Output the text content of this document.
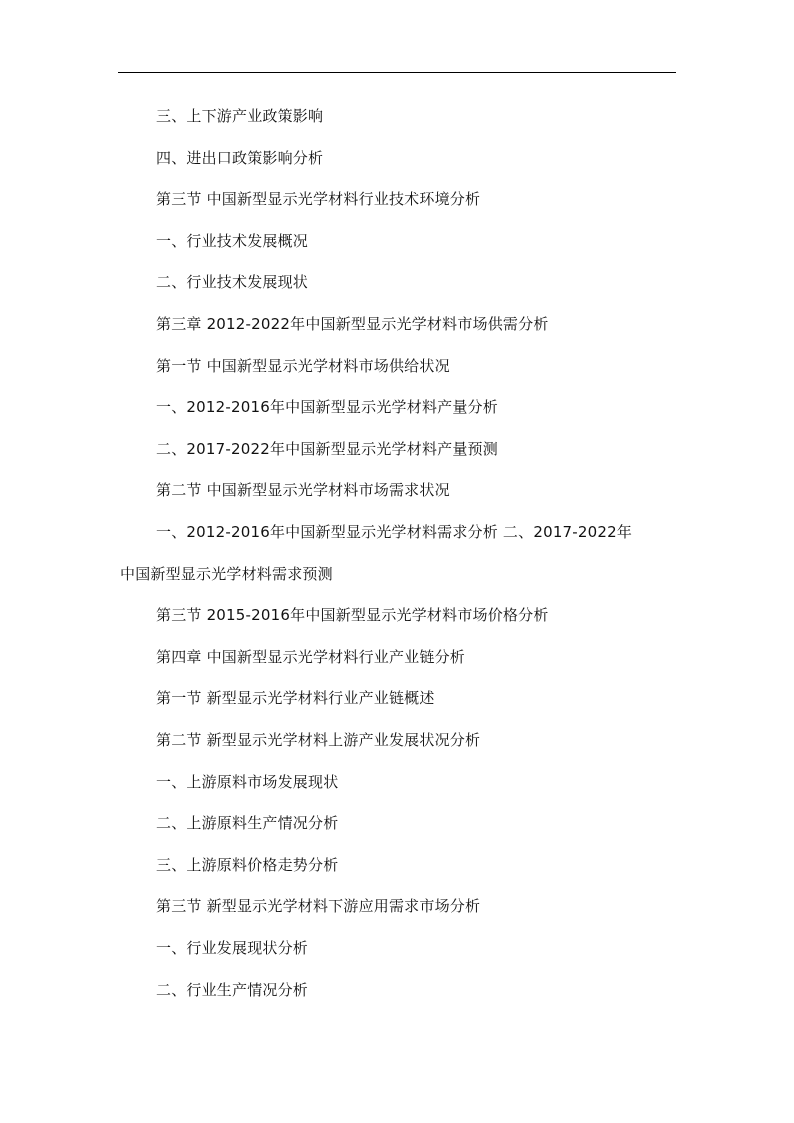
三、上下游产业政策影响
四、进出口政策影响分析
第三节 中国新型显示光学材料行业技术环境分析
一、行业技术发展概况
二、行业技术发展现状
第三章 2012-2022年中国新型显示光学材料市场供需分析
第一节 中国新型显示光学材料市场供给状况
一、2012-2016年中国新型显示光学材料产量分析
二、2017-2022年中国新型显示光学材料产量预测
第二节 中国新型显示光学材料市场需求状况
一、2012-2016年中国新型显示光学材料需求分析 二、2017-2022年
中国新型显示光学材料需求预测
第三节 2015-2016年中国新型显示光学材料市场价格分析
第四章 中国新型显示光学材料行业产业链分析
第一节 新型显示光学材料行业产业链概述
第二节 新型显示光学材料上游产业发展状况分析
一、上游原料市场发展现状
二、上游原料生产情况分析
三、上游原料价格走势分析
第三节 新型显示光学材料下游应用需求市场分析
一、行业发展现状分析
二、行业生产情况分析
